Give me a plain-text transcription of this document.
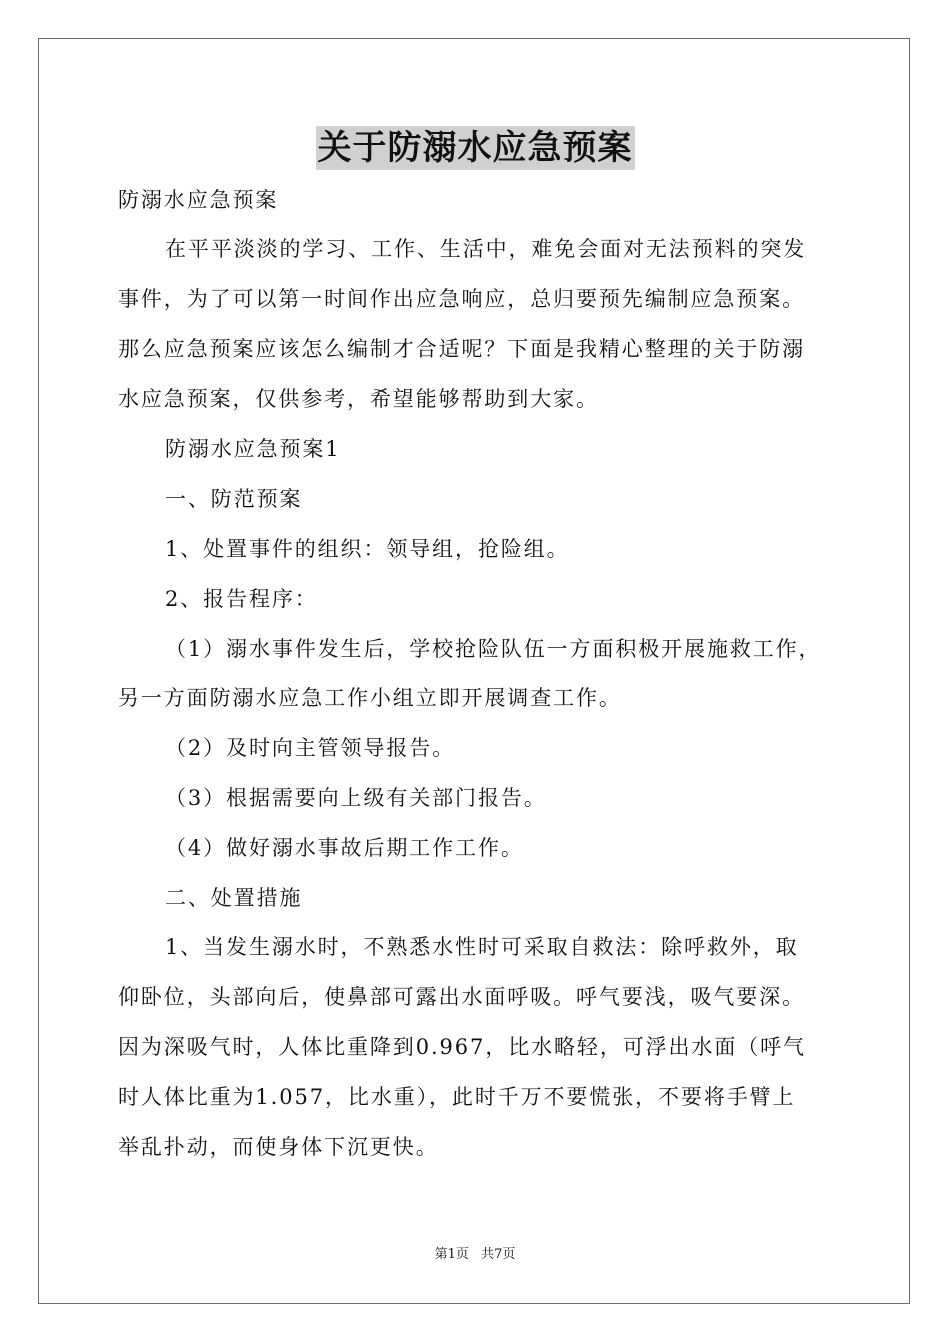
关于防溺水应急预案
防溺水应急预案
在平平淡淡的学习、工作、生活中，难免会面对无法预料的突发
事件，为了可以第一时间作出应急响应，总归要预先编制应急预案。
那么应急预案应该怎么编制才合适呢？下面是我精心整理的关于防溺
水应急预案，仅供参考，希望能够帮助到大家。
防溺水应急预案1
一、防范预案
1、处置事件的组织：领导组，抢险组。
2、报告程序：
（1）溺水事件发生后，学校抢险队伍一方面积极开展施救工作，
另一方面防溺水应急工作小组立即开展调查工作。
（2）及时向主管领导报告。
（3）根据需要向上级有关部门报告。
（4）做好溺水事故后期工作工作。
二、处置措施
1、当发生溺水时，不熟悉水性时可采取自救法：除呼救外，取
仰卧位，头部向后，使鼻部可露出水面呼吸。呼气要浅，吸气要深。
因为深吸气时，人体比重降到0.967，比水略轻，可浮出水面（呼气
时人体比重为1.057，比水重），此时千万不要慌张，不要将手臂上
举乱扑动，而使身体下沉更快。
第1页 共7页
